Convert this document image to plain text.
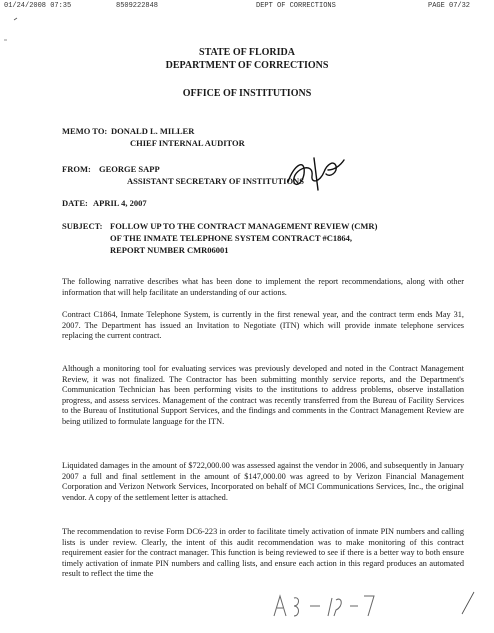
01/24/2008 07:35	8509222848	DEPT OF CORRECTIONS	PAGE 07/32
STATE OF FLORIDA
DEPARTMENT OF CORRECTIONS
OFFICE OF INSTITUTIONS
MEMO TO: DONALD L. MILLER
CHIEF INTERNAL AUDITOR
FROM: GEORGE SAPP
ASSISTANT SECRETARY OF INSTITUTIONS
DATE: APRIL 4, 2007
SUBJECT: FOLLOW UP TO THE CONTRACT MANAGEMENT REVIEW (CMR)
OF THE INMATE TELEPHONE SYSTEM CONTRACT #C1864,
REPORT NUMBER CMR06001

The following narrative describes what has been done to implement the report recommendations, along with other information that will help facilitate an understanding of our actions.

Contract C1864, Inmate Telephone System, is currently in the first renewal year, and the contract term ends May 31, 2007. The Department has issued an Invitation to Negotiate (ITN) which will provide inmate telephone services replacing the current contract.

Although a monitoring tool for evaluating services was previously developed and noted in the Contract Management Review, it was not finalized. The Contractor has been submitting monthly service reports, and the Department's Communication Technician has been performing visits to the institutions to address problems, observe installation progress, and assess services. Management of the contract was recently transferred from the Bureau of Facility Services to the Bureau of Institutional Support Services, and the findings and comments in the Contract Management Review are being utilized to formulate language for the ITN.

Liquidated damages in the amount of $722,000.00 was assessed against the vendor in 2006, and subsequently in January 2007 a full and final settlement in the amount of $147,000.00 was agreed to by Verizon Financial Management Corporation and Verizon Network Services, Incorporated on behalf of MCI Communications Services, Inc., the original vendor. A copy of the settlement letter is attached.

The recommendation to revise Form DC6-223 in order to facilitate timely activation of inmate PIN numbers and calling lists is under review. Clearly, the intent of this audit recommendation was to make monitoring of this contract requirement easier for the contract manager. This function is being reviewed to see if there is a better way to both ensure timely activation of inmate PIN numbers and calling lists, and ensure each action in this regard produces an automated result to reflect the time the
